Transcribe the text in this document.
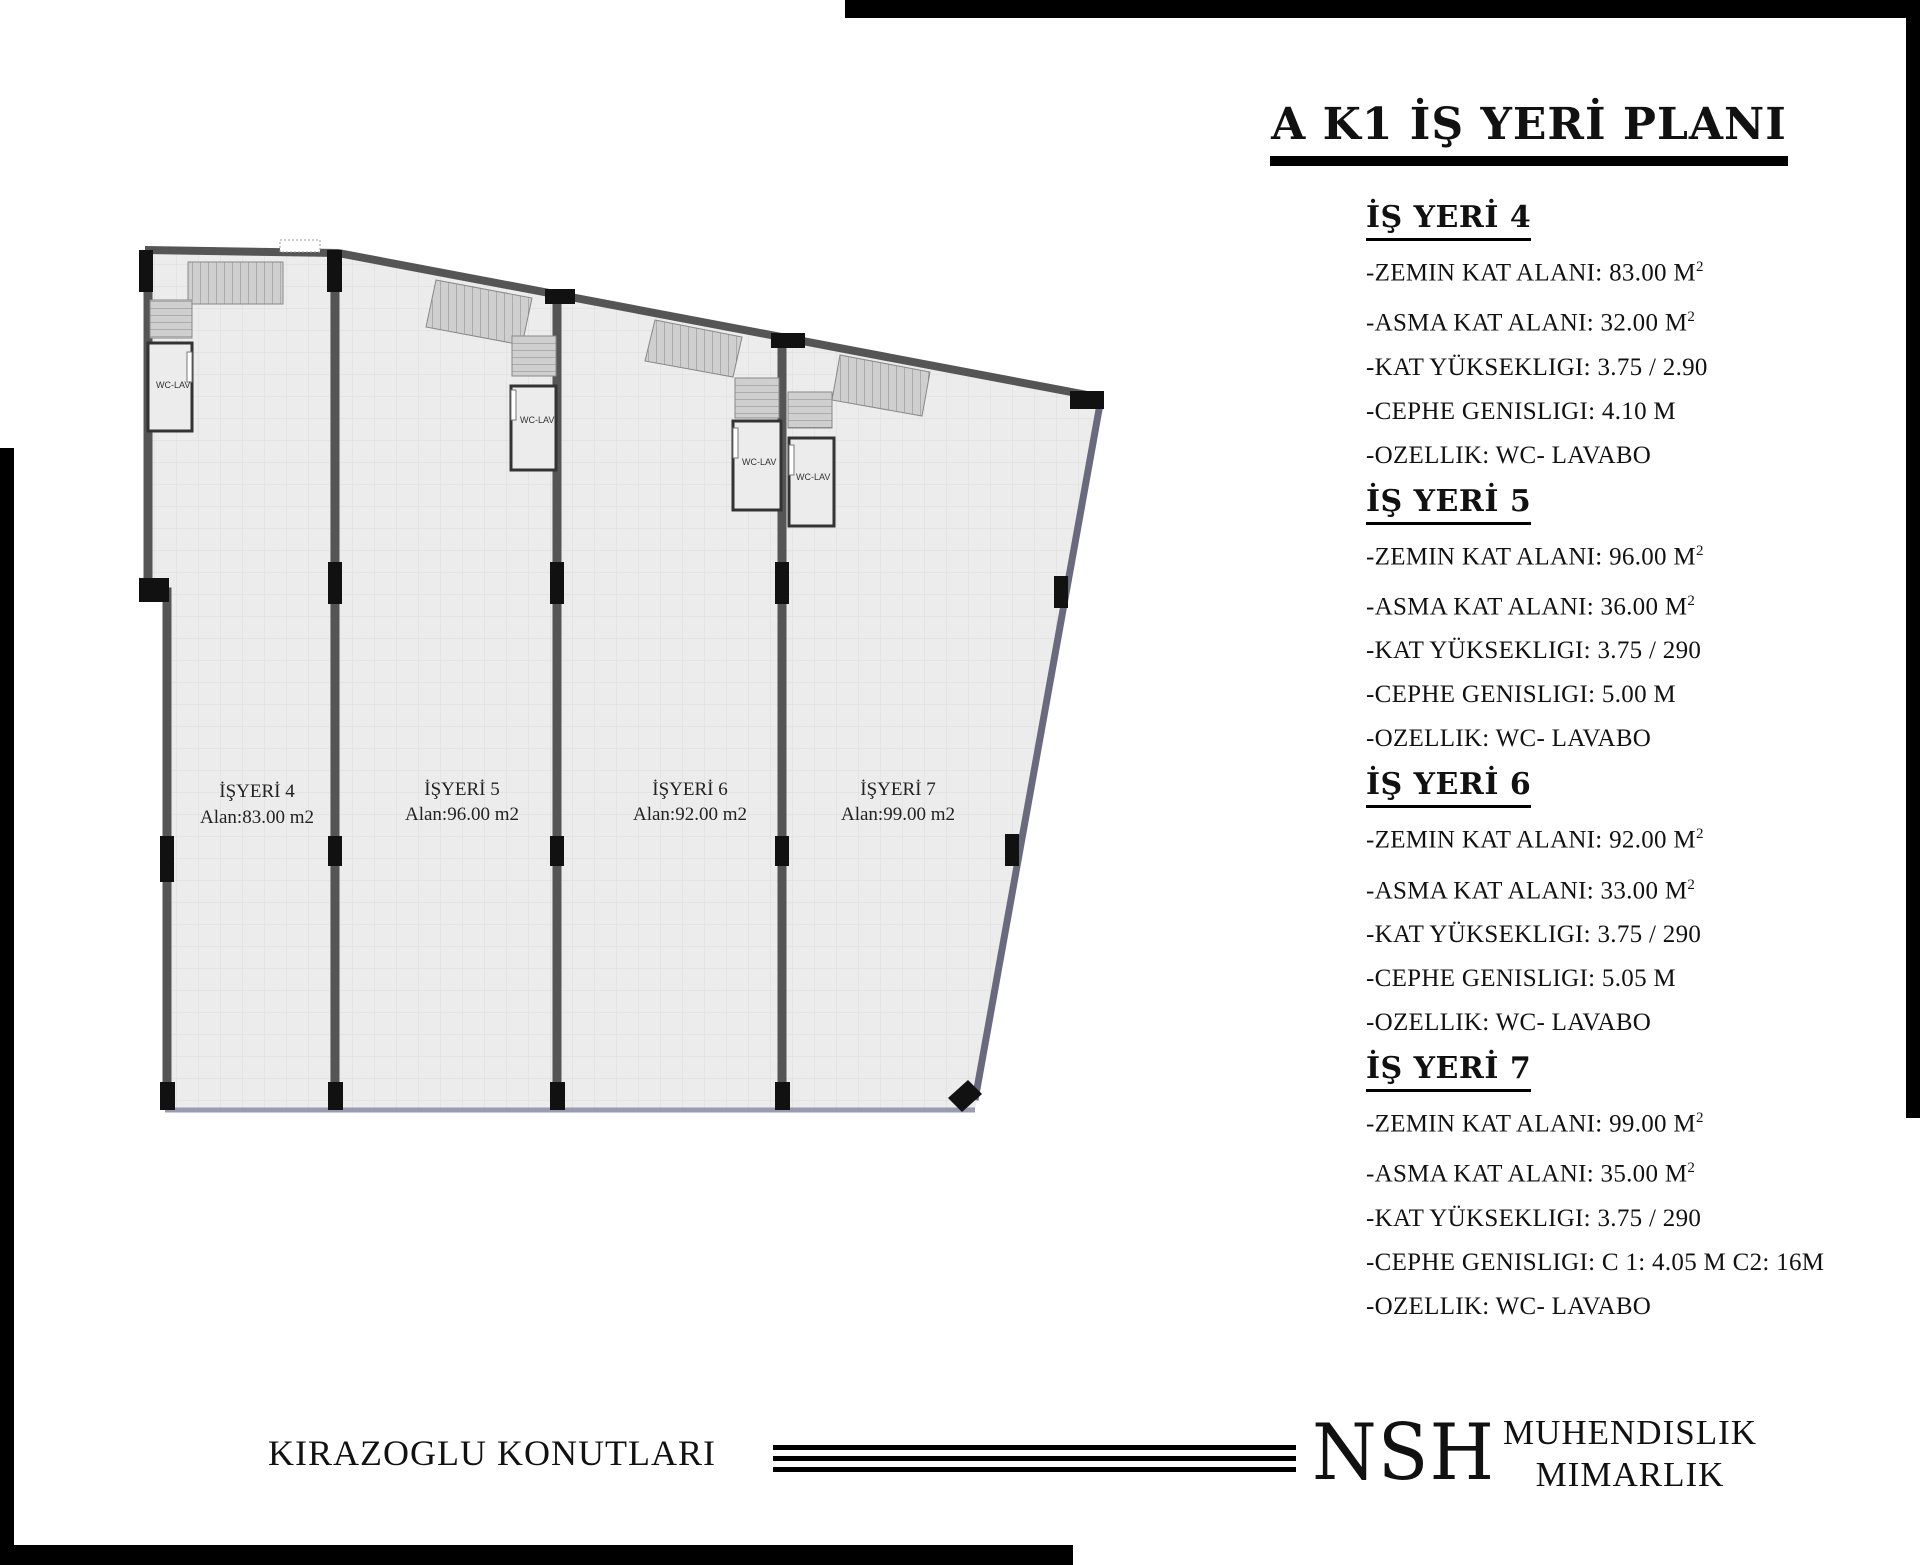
WC-LAV
WC-LAV
WC-LAV
WC-LAV
İŞYERİ 4
Alan:83.00 m2
İŞYERİ 5
Alan:96.00 m2
İŞYERİ 6
Alan:92.00 m2
İŞYERİ 7
Alan:99.00 m2
A K1 İŞ YERİ PLANI
İŞ YERİ 4
-ZEMIN KAT ALANI: 83.00 $M^2$
-ASMA KAT ALANI: 32.00 $M^2$
-KAT YÜKSEKLIGI: 3.75 / 2.90
-CEPHE GENISLIGI: 4.10 M
-OZELLIK: WC- LAVABO
İŞ YERİ 5
-ZEMIN KAT ALANI: 96.00 $M^2$
-ASMA KAT ALANI: 36.00 $M^2$
-KAT YÜKSEKLIGI: 3.75 / 290
-CEPHE GENISLIGI: 5.00 M
-OZELLIK: WC- LAVABO
İŞ YERİ 6
-ZEMIN KAT ALANI: 92.00 $M^2$
-ASMA KAT ALANI: 33.00 $M^2$
-KAT YÜKSEKLIGI: 3.75 / 290
-CEPHE GENISLIGI: 5.05 M
-OZELLIK: WC- LAVABO
İŞ YERİ 7
-ZEMIN KAT ALANI: 99.00 $M^2$
-ASMA KAT ALANI: 35.00 $M^2$
-KAT YÜKSEKLIGI: 3.75 / 290
-CEPHE GENISLIGI: C 1: 4.05 M C2: 16M
-OZELLIK: WC- LAVABO
KIRAZOGLU KONUTLARI	NSH MUHENDISLIK
MIMARLIK
